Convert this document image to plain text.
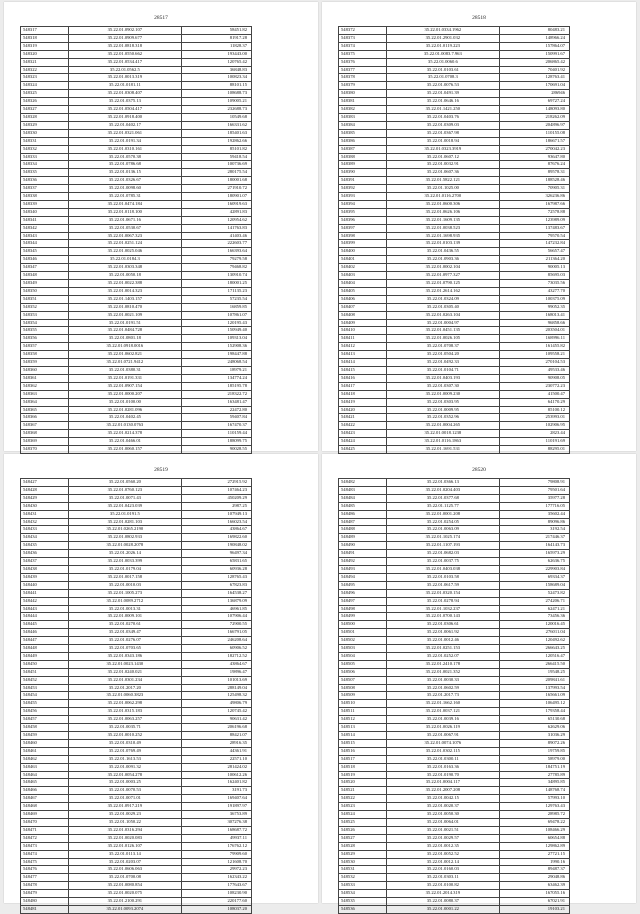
28517
548317	35.22.01.0902.107	58451.82
548318	35.22.01.0909.677	81917.28
548319	35.22.01.0818.318	11828.37
548320	35.22.01.0550.662	193443.00
548321	35.22.01.0534.417	120765.42
548322	35.22.01.0562.5	36848.83
548323	35.22.01.0013.319	100823.34
548324	35.22.01.0181.11	88101.15
548325	35.22.01.0308.407	108688.73
548326	35.22.01.0375.13	109005.21
548327	35.22.01.0504.417	232688.73
548328	35.22.01.0918.400	10549.68
548329	35.22.01.0402.17	166331.62
548330	35.22.01.0321.061	185401.63
548331	35.22.01.0191.34	192862.66
548332	35.22.01.0310.161	85101.82
548333	35.22.01.0570.38	59418.54
548334	35.22.01.0786.68	100736.69
548335	35.22.01.0136.15	280175.54
548336	35.22.01.0326.67	180001.68
548337	35.22.01.0098.60	271910.72
548338	35.22.01.0785.31	180901.07
548339	35.22.01.0474.184	160919.63
548340	35.22.01.0118.100	42891.83
548341	35.22.01.0671.16	120954.62
548342	35.22.01.0530.67	141763.83
548343	35.22.01.0067.323	41403.46
548344	35.22.01.0251.124	222603.77
548345	35.22.01.0025.046	166393.64
548346	35.22.01.0184.3	79279.58
548347	35.22.01.0303.348	79468.82
548348	35.22.01.0050.18	130910.74
548349	35.22.01.0022.388	180001.25
548350	35.22.01.0014.323	171135.23
548351	35.22.01.1403.157	57235.54
548352	35.22.01.0810.470	16859.85
548353	35.22.01.0021.109	107861.07
548354	35.22.01.0191.51	120195.43
548355	35.22.01.0484.728	150949.40
548356	35.22.01.0801.18	109313.04
548357	35.22.01.0918.0016	152908.36
548358	35.22.01.0602.821	198447.88
548359	35.22.01.0721.9412	248068.54
548360	35.22.01.0380.31	18979.21
548361	35.22.01.0191.331	134774.24
548362	35.22.01.0907.154	185195.78
548363	35.22.01.0000.207	218322.72
548364	35.22.01.0100.00	163481.47
548365	35.22.01.0281.096	22472.80
548366	35.22.01.0402.45	59407.84
548367	35.22.01.0130.0763	167470.37
548368	35.22.01.0214.378	110159.44
548369	35.22.01.0466.01	188099.75
548370	35.22.01.0060.157	90028.55

28518
548372	35.22.01.0334.1962	80483.21
548373	35.22.01.2901.032	148966.24
548374	35.22.01.0119.223	157864.07
548375	35.22.01.0083.7.963	150991.67
548376	35.22.01.0060.6	206865.42
548377	35.22.01.0103.61	70401.92
548378	35.22.01.0708.3	128763.41
548379	35.22.01.0076.53	170691.04
548380	35.22.01.0491.39	286946
548381	35.22.01.0646.16	69727.24
548382	35.22.01.1421.250	148093.80
548383	35.22.01.0403.76	218262.09
548384	35.22.01.0309.03	204896.97
548385	35.22.01.0367.98	110155.08
548386	35.22.01.0018.94	186671.57
548387	35.22.01.0323.3919	270042.23
548388	35.22.01.0607.12	93647.80
548389	35.22.01.0032.91	87676.24
548390	35.22.01.0607.36	89578.31
548391	35.22.01.5822.121	188528.46
548392	35.22.01.1025.00	70905.31
548393	35.22.01.0116.2700	326236.86
548394	35.22.01.0600.306	167987.66
548395	35.22.01.0626.106	72578.88
548396	35.22.01.1609.135	123989.09
548397	35.22.01.0038.523	137483.67
548398	35.22.01.1698.935	79570.54
548399	35.22.01.0103.139	147232.84
548400	35.22.01.0436.55	56657.47
548401	35.22.01.0903.36	211364.20
548402	35.22.01.0002.104	90005.13
548403	35.22.01.0977.327	85695.03
548404	35.22.01.0790.125	73035.56
548405	35.22.01.2614.162	43277.70
548406	35.22.01.0324.09	100375.09
548407	35.22.01.0305.40	99052.35
548408	35.22.01.0263.104	168013.41
548409	35.22.01.0004.97	96858.66
548410	35.22.01.0451.135	203504.01
548411	35.22.01.0026.105	168996.11
548412	35.22.01.0708.37	161455.82
548413	35.22.01.0504.20	109558.21
548414	35.22.01.0492.33	270104.53
548415	35.22.01.0104.71	49533.46
548416	35.22.01.0403.193	90908.05
548417	35.22.01.0307.30	230772.23
548418	35.22.01.0009.230	41500.47
548419	35.22.01.0303.95	64170.29
548420	35.22.01.0009.95	85100.12
548421	35.22.01.0352.96	253993.01
548422	35.22.01.0004.265	102906.95
548423	35.22.01.0018.1238	2823.44
548424	35.22.01.0116.1863	110191.69
548425	35.22.01.1691.531	88295.01

28519
548427	35.22.01.0560.20	272915.92
548428	35.22.01.0760.123	107464.23
548429	35.22.01.0071.43	450209.29
548430	35.22.01.0423.039	2987.25
548431	35.22.01.0191.5	107949.13
548432	35.22.01.0281.103	166023.54
548433	35.22.01.0265.2190	43864.67
548434	35.22.01.0802.933	169822.60
548435	35.22.01.0028.2078	190848.02
548436	35.22.01.2026.14	96497.34
548437	35.22.01.0033.399	65831.65
548438	35.22.01.0179.04	60936.28
548439	35.22.01.0017.158	128765.43
548440	35.22.01.0010.03	67823.83
548441	35.22.01.1005.273	164538.27
548442	35.22.01.0089.2712	136879.09
548443	35.22.01.0013.31	46961.85
548444	35.22.01.0009.101	107906.44
548445	35.22.01.0270.61	72900.55
548446	35.22.01.0349.47	166791.05
548447	35.22.01.0276.07	246208.64
548448	35.22.01.0703.65	60906.52
548449	35.22.01.0343.186	182712.52
548450	35.22.01.0023.1430	43864.67
548451	35.22.01.0240.021	19896.47
548452	35.22.01.0301.234	101013.69
548453	35.22.01.2017.20	288149.04
548454	35.22.01.0060.3823	125498.32
548455	35.22.01.0062.298	49806.79
548456	35.22.01.0315.183	120745.42
548457	35.22.01.0063.257	90631.42
548458	35.22.01.0035.71	206196.68
548459	35.22.01.0010.252	88421.07
548460	35.22.01.0310.49	28916.35
548461	35.22.01.0769.49	44361.91
548462	35.22.01.1613.53	22571.10
548463	35.22.01.0091.32	281424.02
548464	35.22.01.0054.278	100612.26
548465	35.22.01.0003.25	162401.82
548466	35.22.01.0070.53	3191.73
548467	35.22.01.0071.01	169407.64
548468	35.22.01.0917.219	191897.97
548469	35.22.01.0029.23	36753.89
548470	35.22.01.1050.22	307276.38
548471	35.22.01.0316.294	168687.72
548472	35.22.01.0020.083	49937.11
548473	35.22.01.0126.107	176762.12
548474	35.22.01.0113.14	79909.60
548475	35.22.01.0203.07	121608.70
548476	35.22.01.0606.063	29972.23
548477	35.22.01.0700.08	162343.22
548478	35.22.01.0080.854	177643.67
548479	35.22.01.0020.075	108230.90
548480	35.22.01.2100.291	220177.60
548481	35.22.01.0093.2074	108037.20
28520
548482	35.22.01.0366.13	79808.91
548483	35.22.01.0204.403	79501.64
548484	35.22.01.0377.68	35977.28
548485	35.22.01.1125.77	177716.05
548486	35.22.01.0001.208	35602.44
548487	35.22.01.0254.05	89096.86
548488	35.22.01.0063.09	3192.54
548489	35.22.01.1025.174	217446.37
548490	35.22.01.1107.193	164143.73
548491	35.22.01.0682.03	165973.29
548492	35.22.01.0037.75	62636.75
548493	35.22.01.0403.038	229903.84
548494	35.22.01.0103.58	69334.37
548495	35.22.01.0617.59	158689.04
548496	35.22.01.0320.154	52473.82
548497	35.22.01.0278.94	274206.71
548498	35.22.01.1032.237	62471.21
548499	35.22.01.0700.143	73456.36
548500	35.22.01.0306.61	120016.45
548501	35.22.01.0061.92	276011.04
548502	35.22.01.0012.46	120492.62
548503	35.22.01.0251.153	266643.25
548504	35.22.01.0252.07	120516.47
548505	35.22.01.2410.178	266415.50
548506	35.22.01.0021.352	19548.25
548507	35.22.01.0030.33	209841.61
548508	35.22.01.0602.59	137993.54
548509	35.22.01.2017.73	165661.09
548510	35.22.01.1662.160	106495.12
548511	35.22.01.0037.121	179358.44
548512	35.22.01.0039.16	65130.68
548513	35.22.01.0026.119	62629.06
548514	35.22.01.0067.91	31036.29
548515	35.22.01.0074.1076	89072.26
548516	35.22.01.0302.115	19759.85
548517	35.22.01.0300.11	58979.00
548518	35.22.01.0163.36	184751.19
548519	35.22.01.0190.70	27785.89
548520	35.22.01.0004.117	34895.85
548521	35.22.01.2007.208	148768.74
548522	35.22.01.0042.15	57993.10
548523	35.22.01.0020.37	129763.43
548524	35.22.01.0050.30	28985.72
548525	35.22.01.0064.01	69478.22
548526	35.22.01.0021.51	108466.29
548527	35.22.01.0029.57	60654.88
548528	35.22.01.0012.35	129862.89
548529	35.22.01.0052.52	27721.15
548530	35.22.01.0012.14	1990.16
548531	35.22.01.0160.03	89487.37
548532	35.22.01.0303.11	29048.86
548533	35.22.01.0100.82	63462.39
548534	35.22.01.2014.319	167055.16
548535	35.22.01.0080.37	67021.91
548536	35.22.01.0001.22	19103.21
